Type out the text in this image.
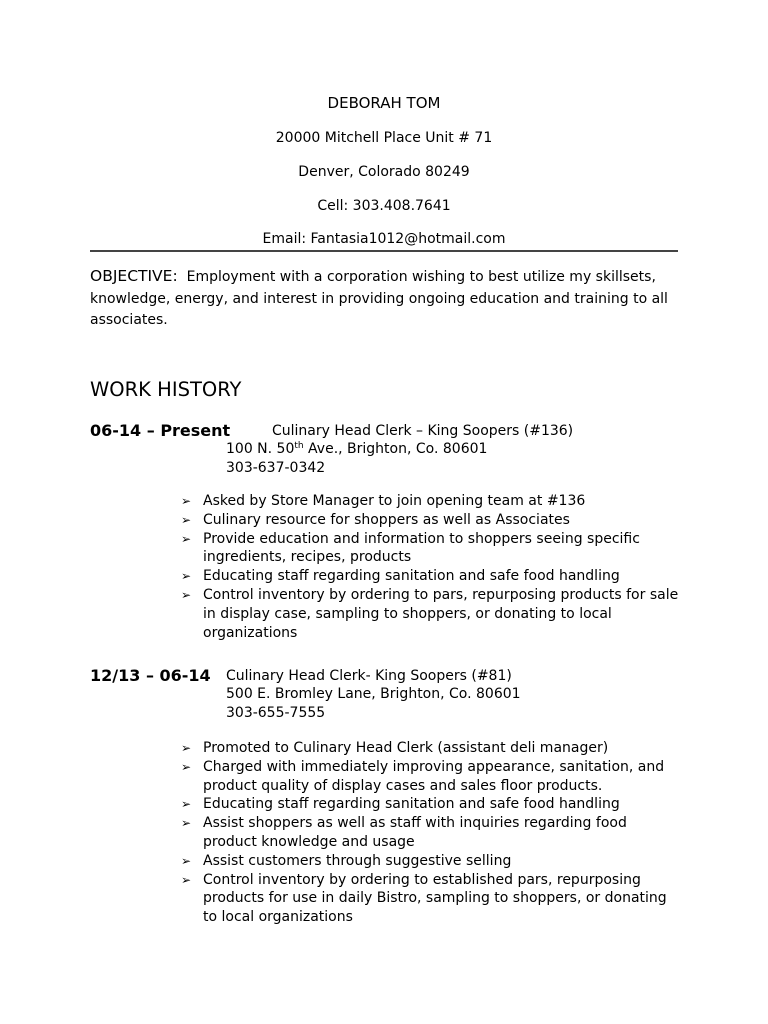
DEBORAH TOM
20000 Mitchell Place Unit # 71
Denver, Colorado 80249
Cell: 303.408.7641
Email: Fantasia1012@hotmail.com
OBJECTIVE: Employment with a corporation wishing to best utilize my skillsets, knowledge, energy, and interest in providing ongoing education and training to all associates.
WORK HISTORY
06-14 – Present	Culinary Head Clerk – King Soopers (#136)
100 N. 50th Ave., Brighton, Co. 80601
303-637-0342
➢ Asked by Store Manager to join opening team at #136
➢ Culinary resource for shoppers as well as Associates
➢ Provide education and information to shoppers seeing specific ingredients, recipes, products
➢ Educating staff regarding sanitation and safe food handling
➢ Control inventory by ordering to pars, repurposing products for sale in display case, sampling to shoppers, or donating to local organizations
12/13 – 06-14 Culinary Head Clerk- King Soopers (#81)
500 E. Bromley Lane, Brighton, Co. 80601
303-655-7555
➢ Promoted to Culinary Head Clerk (assistant deli manager)
➢ Charged with immediately improving appearance, sanitation, and product quality of display cases and sales floor products.
➢ Educating staff regarding sanitation and safe food handling
➢ Assist shoppers as well as staff with inquiries regarding food product knowledge and usage
➢ Assist customers through suggestive selling
➢ Control inventory by ordering to established pars, repurposing products for use in daily Bistro, sampling to shoppers, or donating to local organizations
